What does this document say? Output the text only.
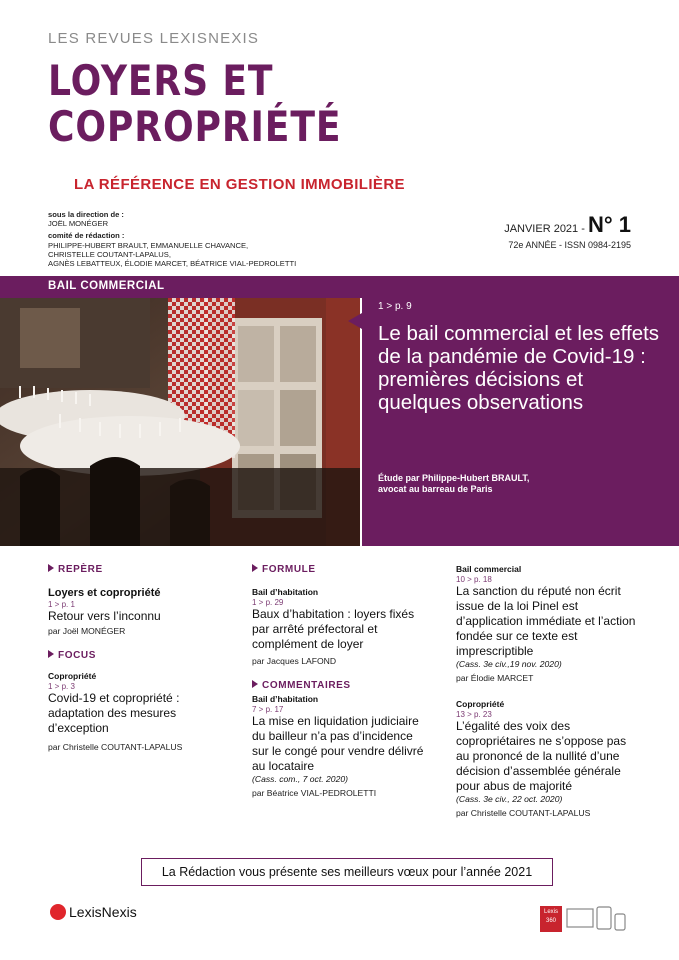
LES REVUES LEXISNEXIS
LOYERS ET
COPROPRIÉTÉ
LA RÉFÉRENCE EN GESTION IMMOBILIÈRE
sous la direction de :
JOËL MONÉGER
comité de rédaction :
PHILIPPE-HUBERT BRAULT, EMMANUELLE CHAVANCE,
CHRISTELLE COUTANT-LAPALUS,
AGNÈS LEBATTEUX, ÉLODIE MARCET, BÉATRICE VIAL-PEDROLETTI
JANVIER 2021 - N° 1
72e ANNÉE - ISSN 0984-2195
BAIL COMMERCIAL
1 > p. 9
Le bail commercial et les effets de la pandémie de Covid-19 : premières décisions et quelques observations
Étude par Philippe-Hubert BRAULT,
avocat au barreau de Paris
REPÈRE
Loyers et copropriété
1 > p. 1
Retour vers l’inconnu
par Joël MONÉGER
FOCUS
Copropriété
1 > p. 3
Covid-19 et copropriété : adaptation des mesures d’exception
par Christelle COUTANT-LAPALUS
FORMULE
Bail d’habitation
1 > p. 29
Baux d’habitation : loyers fixés par arrêté préfectoral et complément de loyer
par Jacques LAFOND
COMMENTAIRES
Bail d’habitation
7 > p. 17
La mise en liquidation judiciaire du bailleur n’a pas d’incidence sur le congé pour vendre délivré au locataire
(Cass. com., 7 oct. 2020)
par Béatrice VIAL-PEDROLETTI
Bail commercial
10 > p. 18
La sanction du réputé non écrit issue de la loi Pinel est d’application immédiate et l’action fondée sur ce texte est imprescriptible
(Cass. 3e civ.,19 nov. 2020)
par Élodie MARCET
Copropriété
13 > p. 23
L’égalité des voix des copropriétaires ne s’oppose pas au prononcé de la nullité d’une décision d’assemblée générale pour abus de majorité
(Cass. 3e civ., 22 oct. 2020)
par Christelle COUTANT-LAPALUS
La Rédaction vous présente ses meilleurs vœux pour l’année 2021
LexisNexis	Lexis
360
